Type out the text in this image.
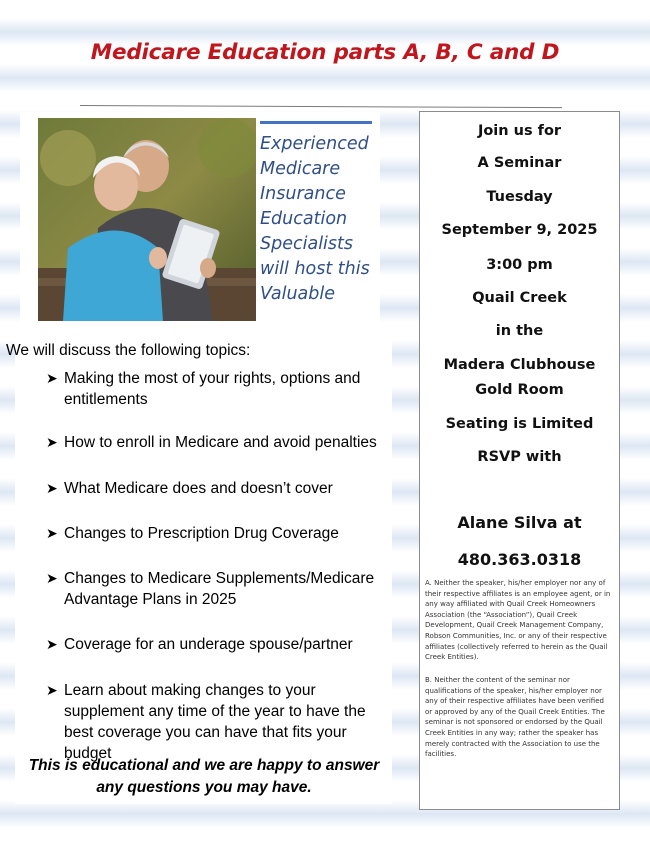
Medicare Education parts A, B, C and D
Experienced
Medicare
Insurance
Education
Specialists
will host this
Valuable
We will discuss the following topics:
➤ Making the most of your rights, options and
entitlements
➤ How to enroll in Medicare and avoid penalties
➤ What Medicare does and doesn’t cover
➤ Changes to Prescription Drug Coverage
➤ Changes to Medicare Supplements/Medicare
Advantage Plans in 2025
➤ Coverage for an underage spouse/partner
➤ Learn about making changes to your
supplement any time of the year to have the
best coverage you can have that fits your budget
This is educational and we are happy to answer
any questions you may have.
Join us for
A Seminar
Tuesday
September 9, 2025
3:00 pm
Quail Creek
in the
Madera Clubhouse
Gold Room
Seating is Limited
RSVP with
Alane Silva at
480.363.0318
A. Neither the speaker, his/her employer nor any of
their respective affiliates is an employee agent, or in
any way affiliated with Quail Creek Homeowners
Association (the “Association”), Quail Creek
Development, Quail Creek Management Company,
Robson Communities, Inc. or any of their respective
affiliates (collectively referred to herein as the Quail
Creek Entities).
B. Neither the content of the seminar nor
qualifications of the speaker, his/her employer nor
any of their respective affiliates have been verified
or approved by any of the Quail Creek Entities. The
seminar is not sponsored or endorsed by the Quail
Creek Entities in any way; rather the speaker has
merely contracted with the Association to use the
facilities.
